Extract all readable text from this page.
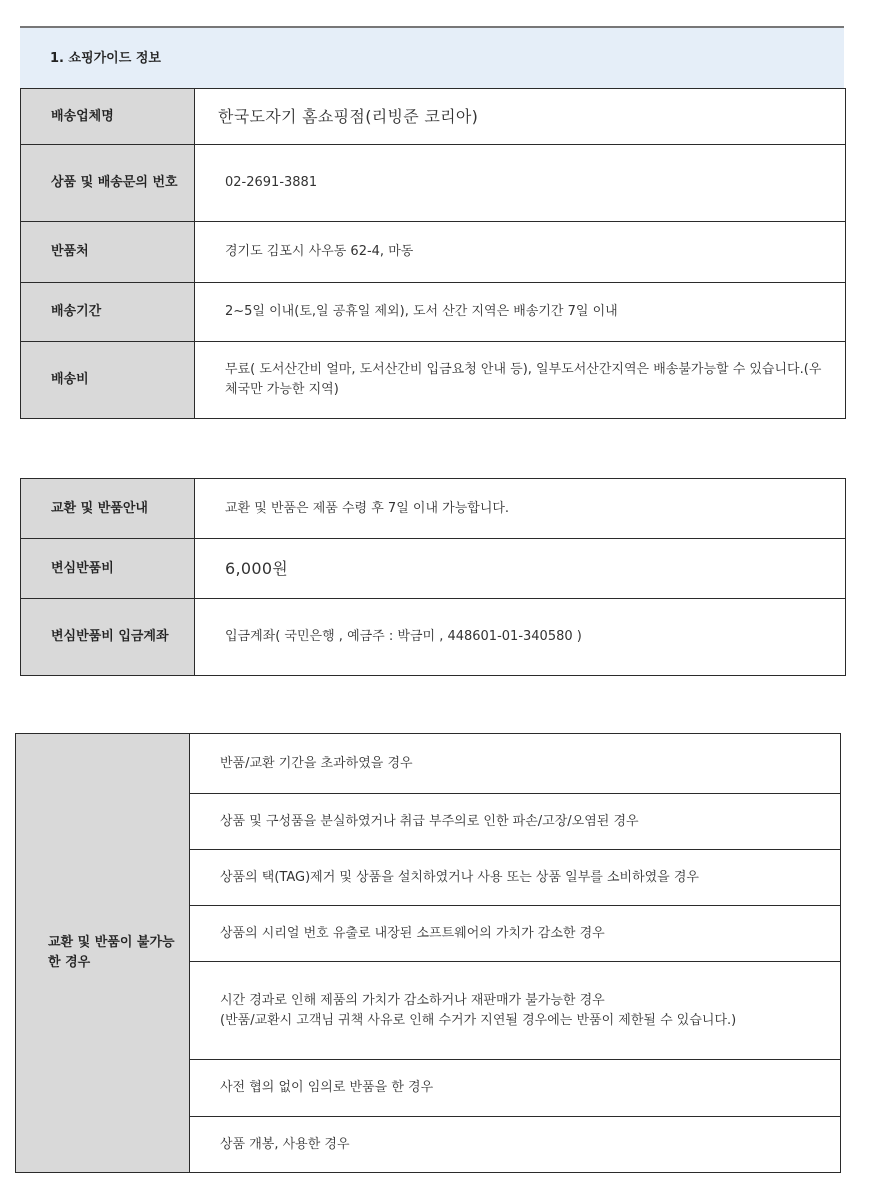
1. 쇼핑가이드 정보
배송업체명	한국도자기 홈쇼핑점(리빙준 코리아)
상품 및 배송문의 번호	02-2691-3881
반품처	경기도 김포시 사우동 62-4, 마동
배송기간	2~5일 이내(토,일 공휴일 제외), 도서 산간 지역은 배송기간 7일 이내
배송비	무료( 도서산간비 얼마, 도서산간비 입금요청 안내 등), 일부도서산간지역은 배송불가능할 수 있습니다.(우체국만 가능한 지역)
교환 및 반품안내	교환 및 반품은 제품 수령 후 7일 이내 가능합니다.
변심반품비	6,000원
변심반품비 입금계좌	입금계좌( 국민은행 , 예금주 : 박금미 , 448601-01-340580 )
교환 및 반품이 불가능한 경우	반품/교환 기간을 초과하였을 경우
상품 및 구성품을 분실하였거나 취급 부주의로 인한 파손/고장/오염된 경우
상품의 택(TAG)제거 및 상품을 설치하였거나 사용 또는 상품 일부를 소비하였을 경우
상품의 시리얼 번호 유출로 내장된 소프트웨어의 가치가 감소한 경우

시간 경과로 인해 제품의 가치가 감소하거나 재판매가 불가능한 경우
(반품/교환시 고객님 귀책 사유로 인해 수거가 지연될 경우에는 반품이 제한될 수 있습니다.)

사전 협의 없이 임의로 반품을 한 경우
상품 개봉, 사용한 경우
